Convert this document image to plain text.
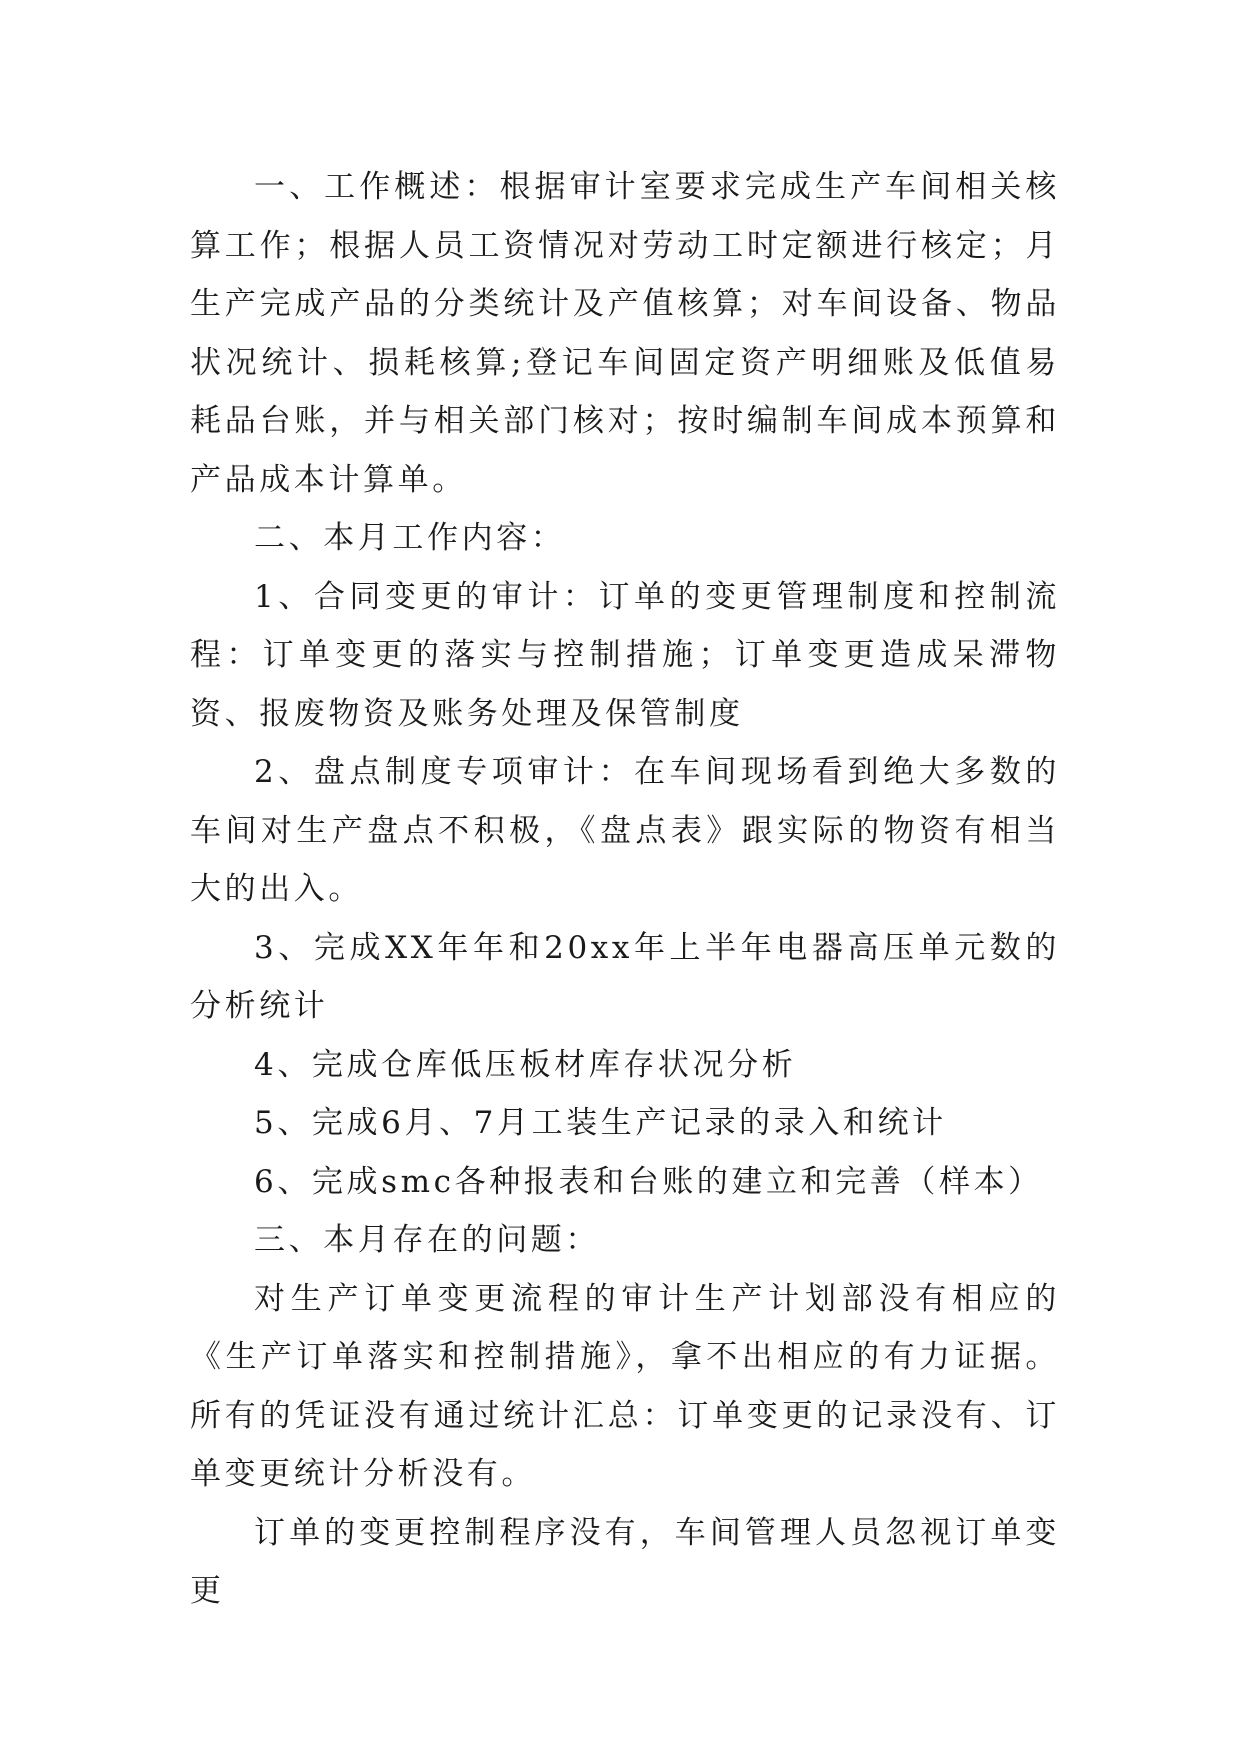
一、工作概述：根据审计室要求完成生产车间相关核算工作；根据人员工资情况对劳动工时定额进行核定；月生产完成产品的分类统计及产值核算；对车间设备、物品状况统计、损耗核算;登记车间固定资产明细账及低值易耗品台账，并与相关部门核对；按时编制车间成本预算和产品成本计算单。

二、本月工作内容：

1、合同变更的审计：订单的变更管理制度和控制流程：订单变更的落实与控制措施；订单变更造成呆滞物资、报废物资及账务处理及保管制度

2、盘点制度专项审计：在车间现场看到绝大多数的车间对生产盘点不积极，《盘点表》跟实际的物资有相当大的出入。

3、完成XX年年和20xx年上半年电器高压单元数的分析统计

4、完成仓库低压板材库存状况分析

5、完成6月、7月工装生产记录的录入和统计

6、完成smc各种报表和台账的建立和完善（样本）

三、本月存在的问题：

对生产订单变更流程的审计生产计划部没有相应的《生产订单落实和控制措施》，拿不出相应的有力证据。所有的凭证没有通过统计汇总：订单变更的记录没有、订单变更统计分析没有。

订单的变更控制程序没有，车间管理人员忽视订单变更
